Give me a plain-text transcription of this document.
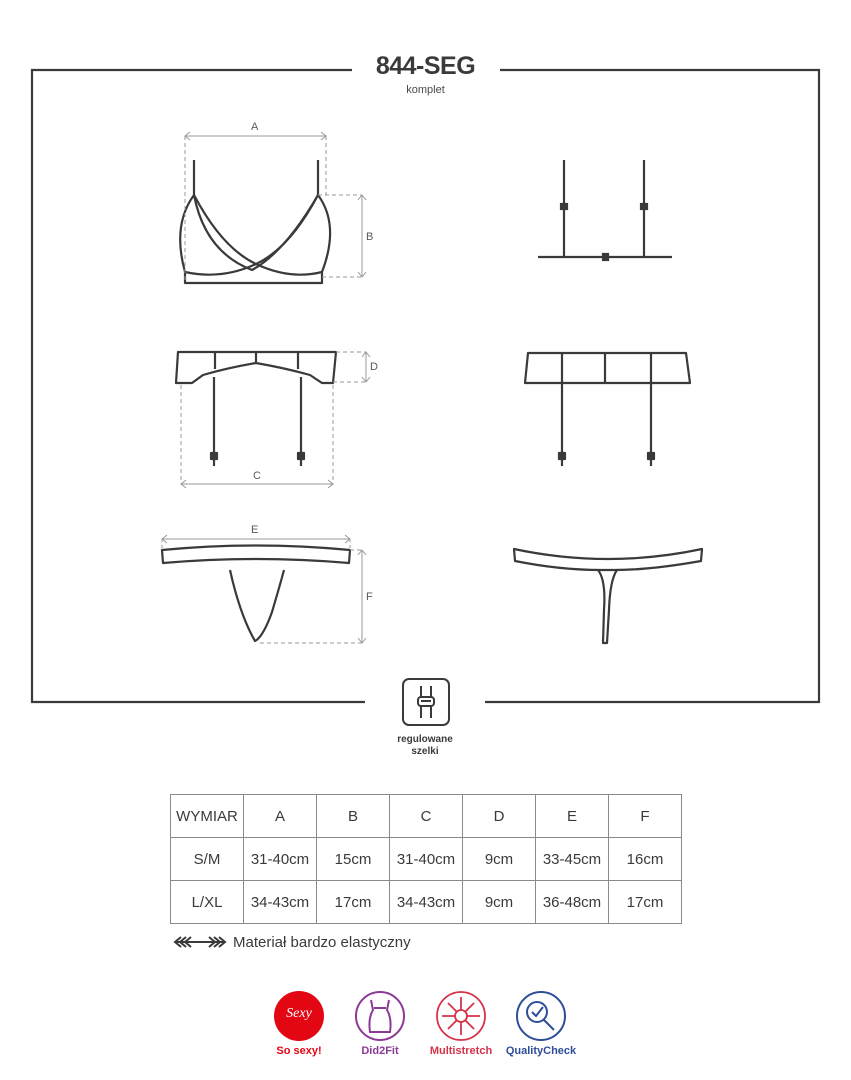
844-SEG
komplet
A
B
D
C
E
F
regulowane
szelki
WYMIAR	A	B	C	D	E	F
S/M	31-40cm	15cm	31-40cm	9cm	33-45cm	16cm
L/XL	34-43cm	17cm	34-43cm	9cm	36-48cm	17cm
Materiał bardzo elastyczny
Sexy
So sexy!	Did2Fit	Multistretch	QualityCheck
